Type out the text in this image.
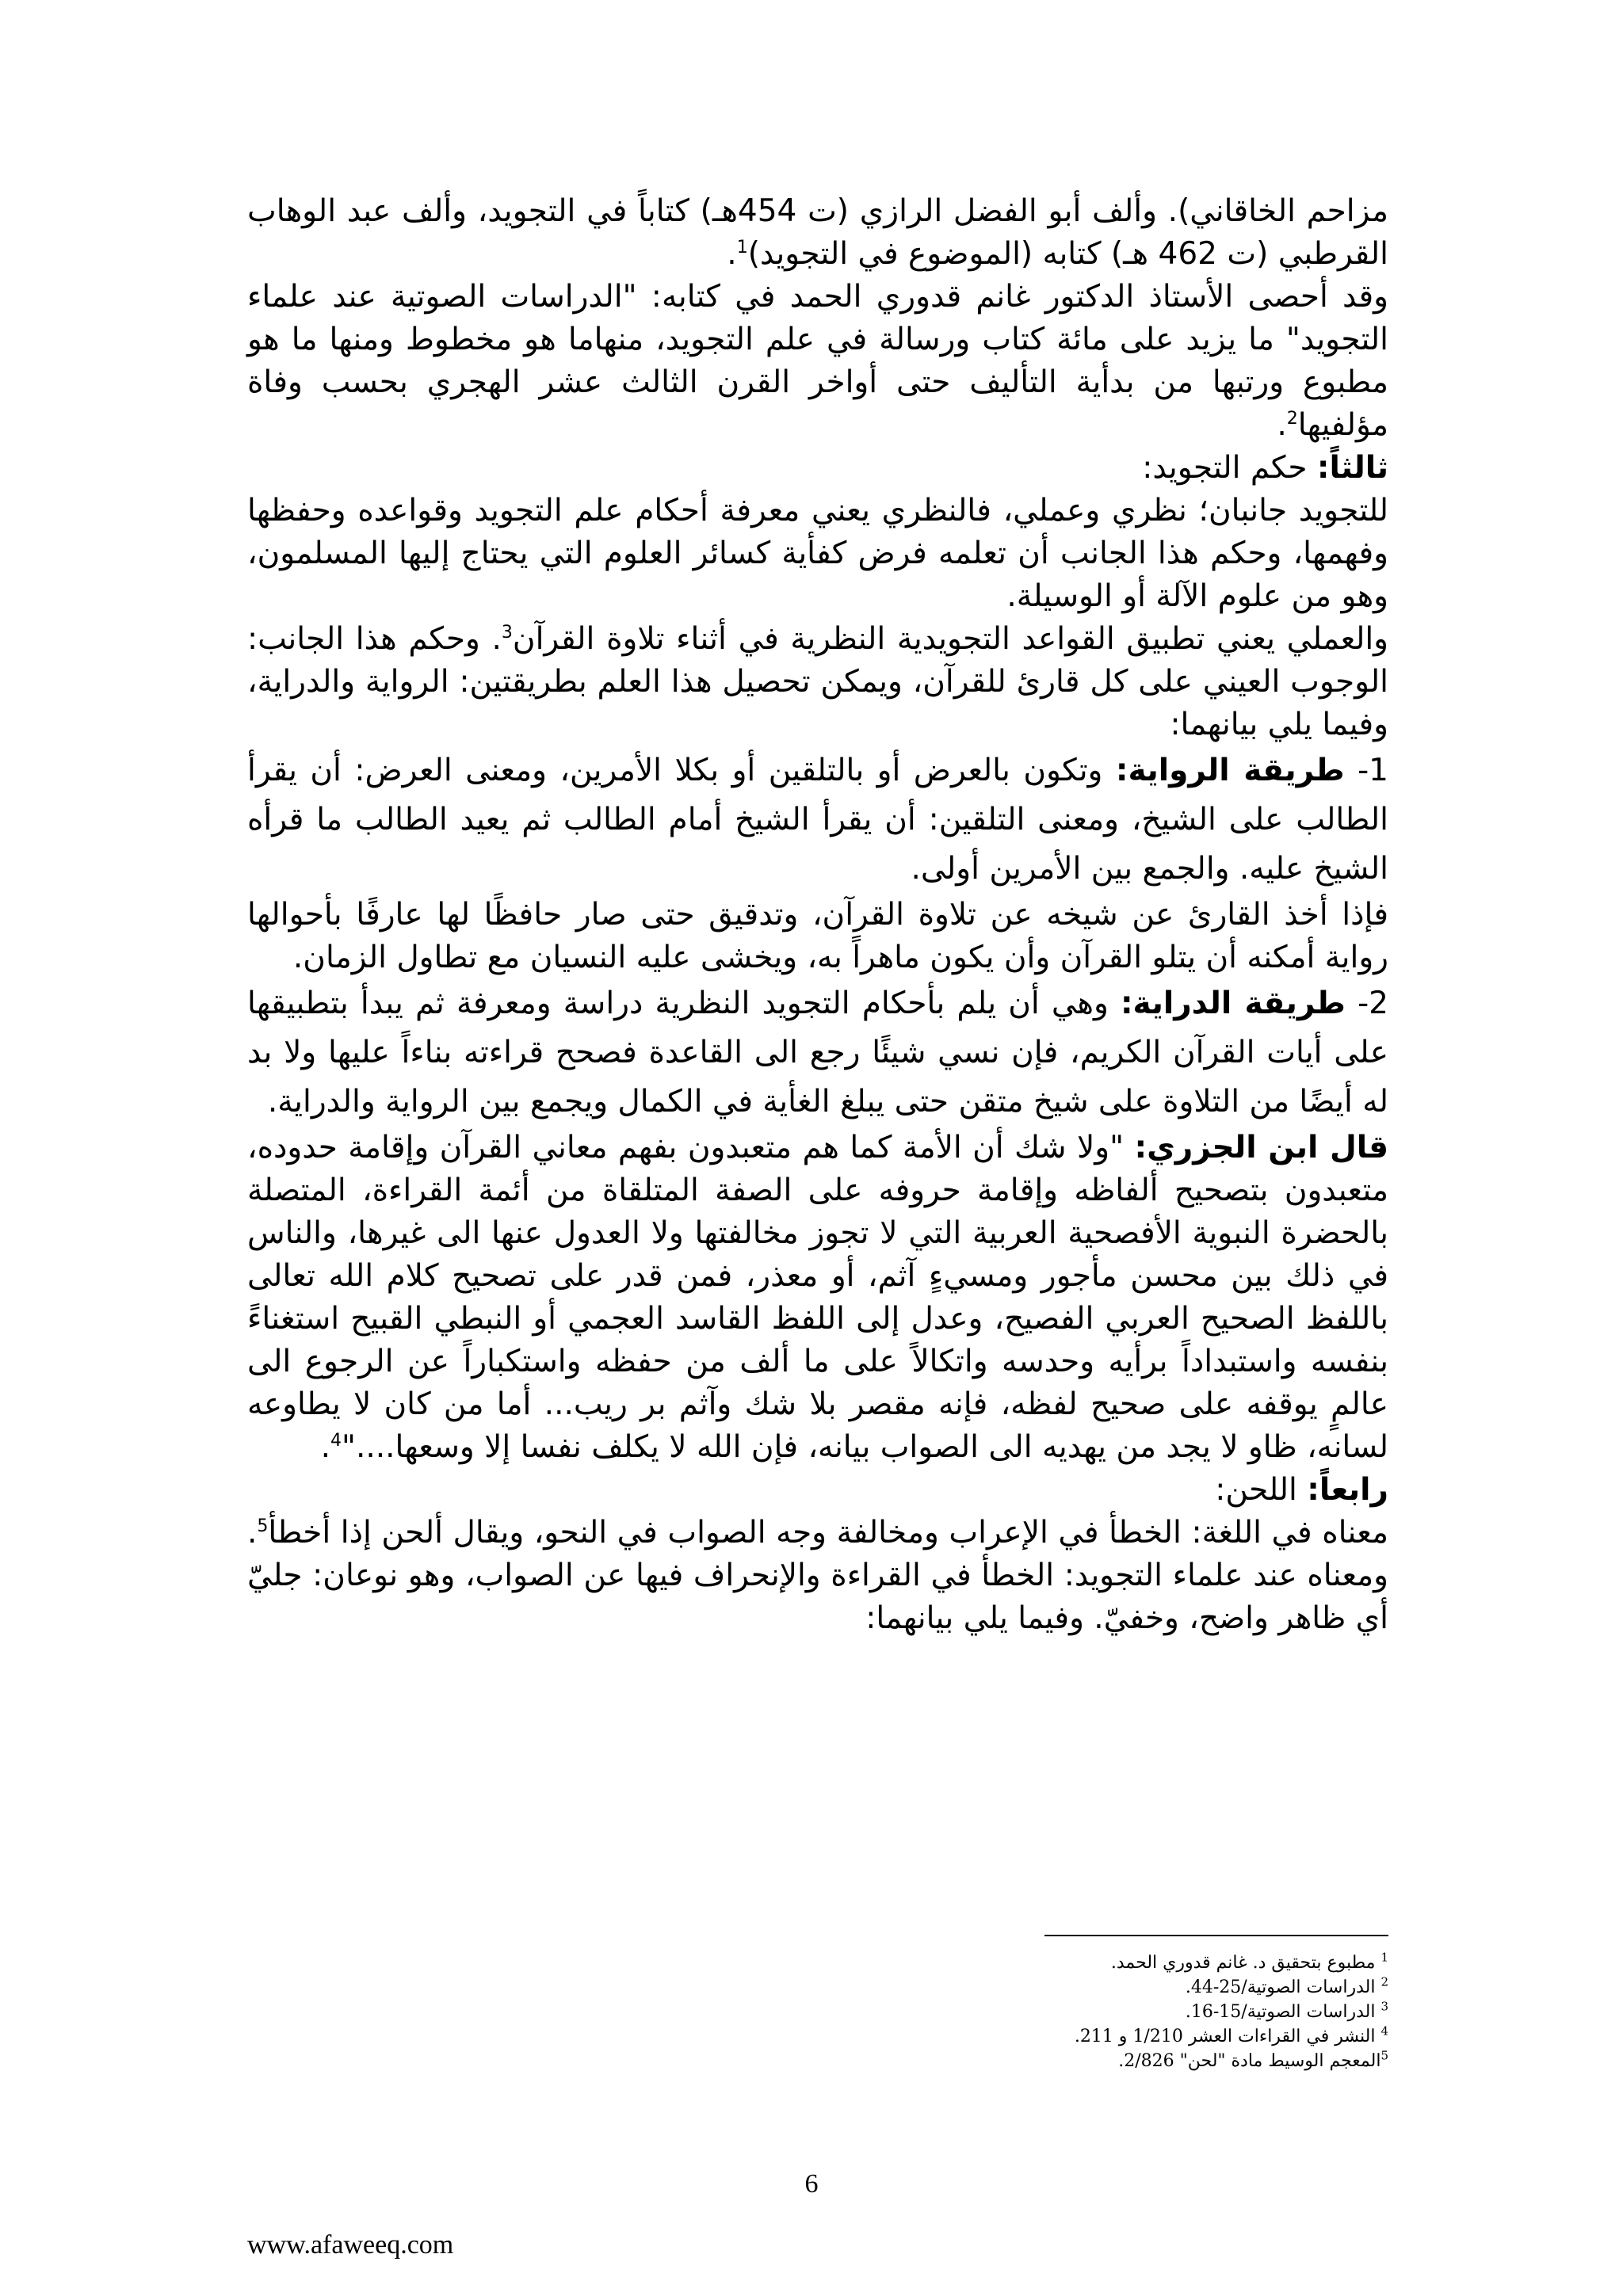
مزاحم الخاقاني). وألف أبو الفضل الرازي (ت 454هـ) كتاباً في التجويد، وألف عبد الوهاب القرطبي (ت 462 هـ) كتابه (الموضوع في التجويد)$^1$.

وقد أحصى الأستاذ الدكتور غانم قدوري الحمد في كتابه: "الدراسات الصوتية عند علماء التجويد" ما يزيد على مائة كتاب ورسالة في علم التجويد، منهاما هو مخطوط ومنها ما هو مطبوع ورتبها من بدأية التأليف حتى أواخر القرن الثالث عشر الهجري بحسب وفاة مؤلفيها$^2$.

ثالثاً: حكم التجويد:

للتجويد جانبان؛ نظري وعملي، فالنظري يعني معرفة أحكام علم التجويد وقواعده وحفظها وفهمها، وحكم هذا الجانب أن تعلمه فرض كفأية كسائر العلوم التي يحتاج إليها المسلمون، وهو من علوم الآلة أو الوسيلة.

والعملي يعني تطبيق القواعد التجويدية النظرية في أثناء تلاوة القرآن$^3$. وحكم هذا الجانب: الوجوب العيني على كل قارئ للقرآن، ويمكن تحصيل هذا العلم بطريقتين: الرواية والدراية، وفيما يلي بيانهما:

1- طريقة الرواية: وتكون بالعرض أو بالتلقين أو بكلا الأمرين، ومعنى العرض: أن يقرأ الطالب على الشيخ، ومعنى التلقين: أن يقرأ الشيخ أمام الطالب ثم يعيد الطالب ما قرأه الشيخ عليه. والجمع بين الأمرين أولى.

فإذا أخذ القارئ عن شيخه عن تلاوة القرآن، وتدقيق حتى صار حافظًا لها عارفًا بأحوالها رواية أمكنه أن يتلو القرآن وأن يكون ماهراً به، ويخشى عليه النسيان مع تطاول الزمان.

2- طريقة الدراية: وهي أن يلم بأحكام التجويد النظرية دراسة ومعرفة ثم يبدأ بتطبيقها على أيات القرآن الكريم، فإن نسي شيئًا رجع الى القاعدة فصحح قراءته بناءاً عليها ولا بد له أيضًا من التلاوة على شيخ متقن حتى يبلغ الغأية في الكمال ويجمع بين الرواية والدراية.

قال ابن الجزري: "ولا شك أن الأمة كما هم متعبدون بفهم معاني القرآن وإقامة حدوده، متعبدون بتصحيح ألفاظه وإقامة حروفه على الصفة المتلقاة من أئمة القراءة، المتصلة بالحضرة النبوية الأفصحية العربية التي لا تجوز مخالفتها ولا العدول عنها الى غيرها، والناس في ذلك بين محسن مأجور ومسيءٍ آثم، أو معذر، فمن قدر على تصحيح كلام الله تعالى باللفظ الصحيح العربي الفصيح، وعدل إلى اللفظ القاسد العجمي أو النبطي القبيح استغناءً بنفسه واستبداداً برأيه وحدسه واتكالاً على ما ألف من حفظه واستكباراً عن الرجوع الى عالمٍ يوقفه على صحيح لفظه، فإنه مقصر بلا شك وآثم بر ريب... أما من كان لا يطاوعه لسانه، ظاو لا يجد من يهديه الى الصواب بيانه، فإن الله لا يكلف نفسا إلا وسعها...."$^4$.

رابعاً: اللحن:

معناه في اللغة: الخطأ في الإعراب ومخالفة وجه الصواب في النحو، ويقال ألحن إذا أخطأ$^5$. ومعناه عند علماء التجويد: الخطأ في القراءة والإنحراف فيها عن الصواب، وهو نوعان: جليّ أي ظاهر واضح، وخفيّ. وفيما يلي بيانهما:

$^1$ مطبوع بتحقيق د. غانم قدوري الحمد.
$^2$ الدراسات الصوتية/25-44.
$^3$ الدراسات الصوتية/15-16.
$^4$ النشر في القراءات العشر 1/210 و 211.
$^5$المعجم الوسيط مادة "لحن" 2/826.
6
www.afaweeq.com
